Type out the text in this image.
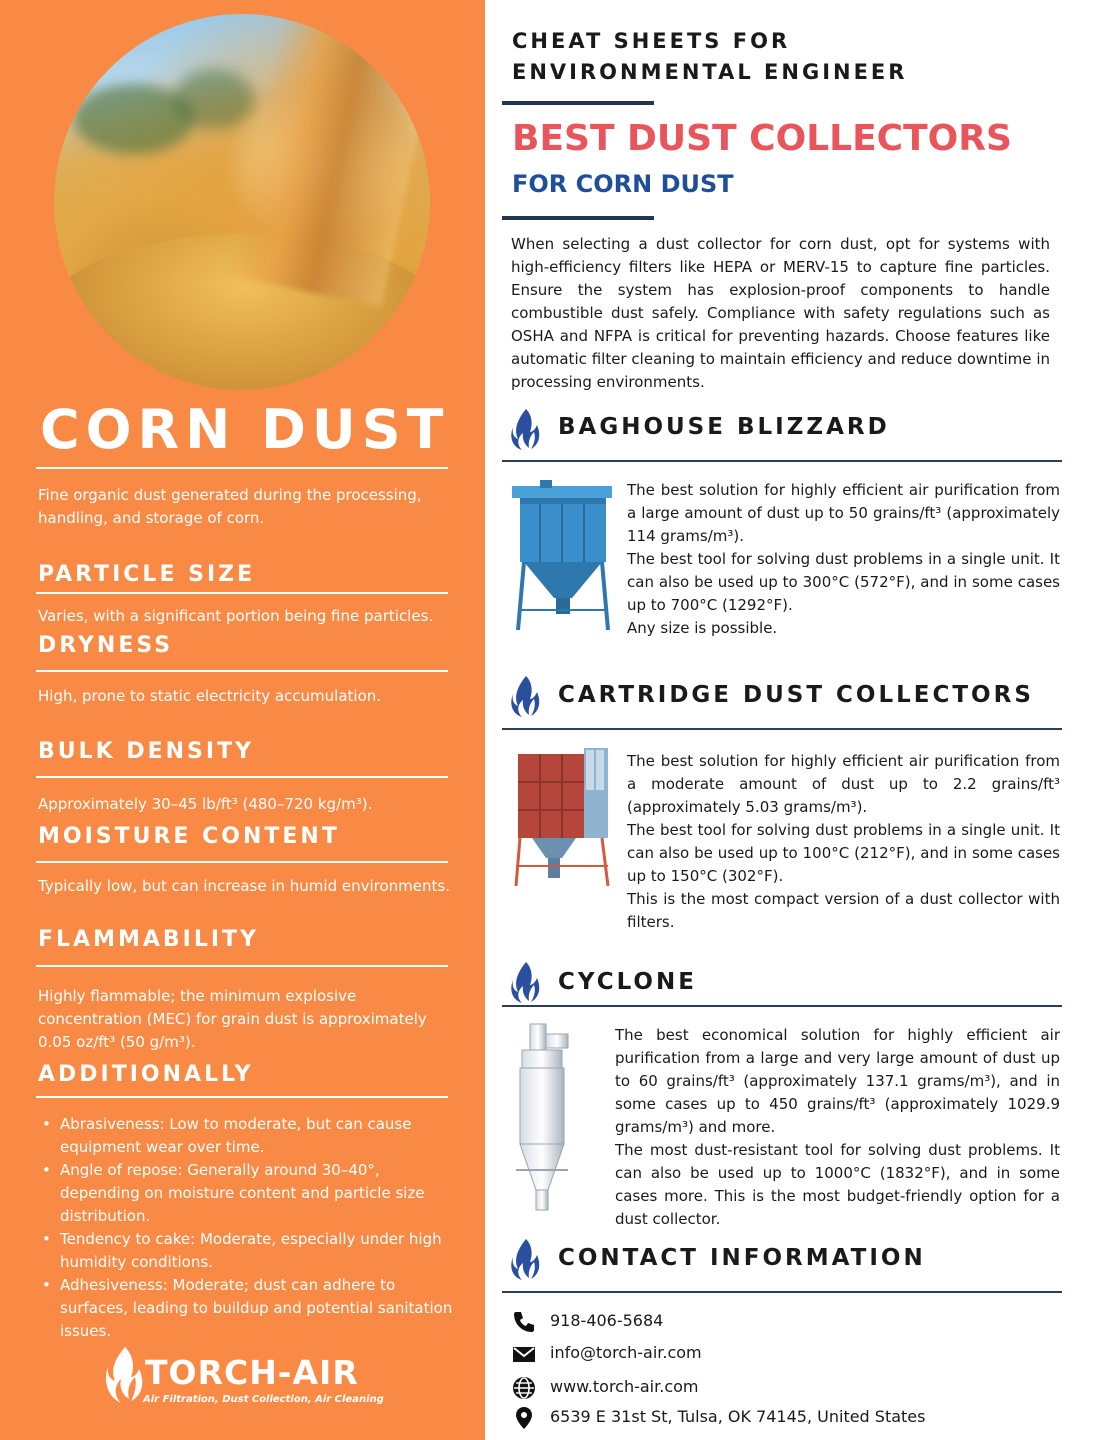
CORN DUST
Fine organic dust generated during the processing, handling, and storage of corn.
PARTICLE SIZE
Varies, with a significant portion being fine particles.
DRYNESS
High, prone to static electricity accumulation.
BULK DENSITY
Approximately 30–45 lb/ft³ (480–720 kg/m³).
MOISTURE CONTENT
Typically low, but can increase in humid environments.
FLAMMABILITY
Highly flammable; the minimum explosive concentration (MEC) for grain dust is approximately 0.05 oz/ft³ (50 g/m³).
ADDITIONALLY
• Abrasiveness: Low to moderate, but can cause equipment wear over time.
• Angle of repose: Generally around 30–40°, depending on moisture content and particle size distribution.
• Tendency to cake: Moderate, especially under high humidity conditions.
• Adhesiveness: Moderate; dust can adhere to surfaces, leading to buildup and potential sanitation issues.
TORCH-AIR
Air Filtration, Dust Collection, Air Cleaning
CHEAT SHEETS FOR
ENVIRONMENTAL ENGINEER
BEST DUST COLLECTORS
FOR CORN DUST
When selecting a dust collector for corn dust, opt for systems with high-efficiency filters like HEPA or MERV-15 to capture fine particles. Ensure the system has explosion-proof components to handle combustible dust safely. Compliance with safety regulations such as OSHA and NFPA is critical for preventing hazards. Choose features like automatic filter cleaning to maintain efficiency and reduce downtime in processing environments.
BAGHOUSE BLIZZARD

The best solution for highly efficient air purification from a large amount of dust up to 50 grains/ft³ (approximately 114 grams/m³).

The best tool for solving dust problems in a single unit. It can also be used up to 300°C (572°F), and in some cases up to 700°C (1292°F).

Any size is possible.

CARTRIDGE DUST COLLECTORS

The best solution for highly efficient air purification from a moderate amount of dust up to 2.2 grains/ft³ (approximately 5.03 grams/m³).

The best tool for solving dust problems in a single unit. It can also be used up to 100°C (212°F), and in some cases up to 150°C (302°F).

This is the most compact version of a dust collector with filters.

CYCLONE

The best economical solution for highly efficient air purification from a large and very large amount of dust up to 60 grains/ft³ (approximately 137.1 grams/m³), and in some cases up to 450 grains/ft³ (approximately 1029.9 grams/m³) and more.

The most dust-resistant tool for solving dust problems. It can also be used up to 1000°C (1832°F), and in some cases more. This is the most budget-friendly option for a dust collector.

CONTACT INFORMATION
918-406-5684
info@torch-air.com
www.torch-air.com
6539 E 31st St, Tulsa, OK 74145, United States
